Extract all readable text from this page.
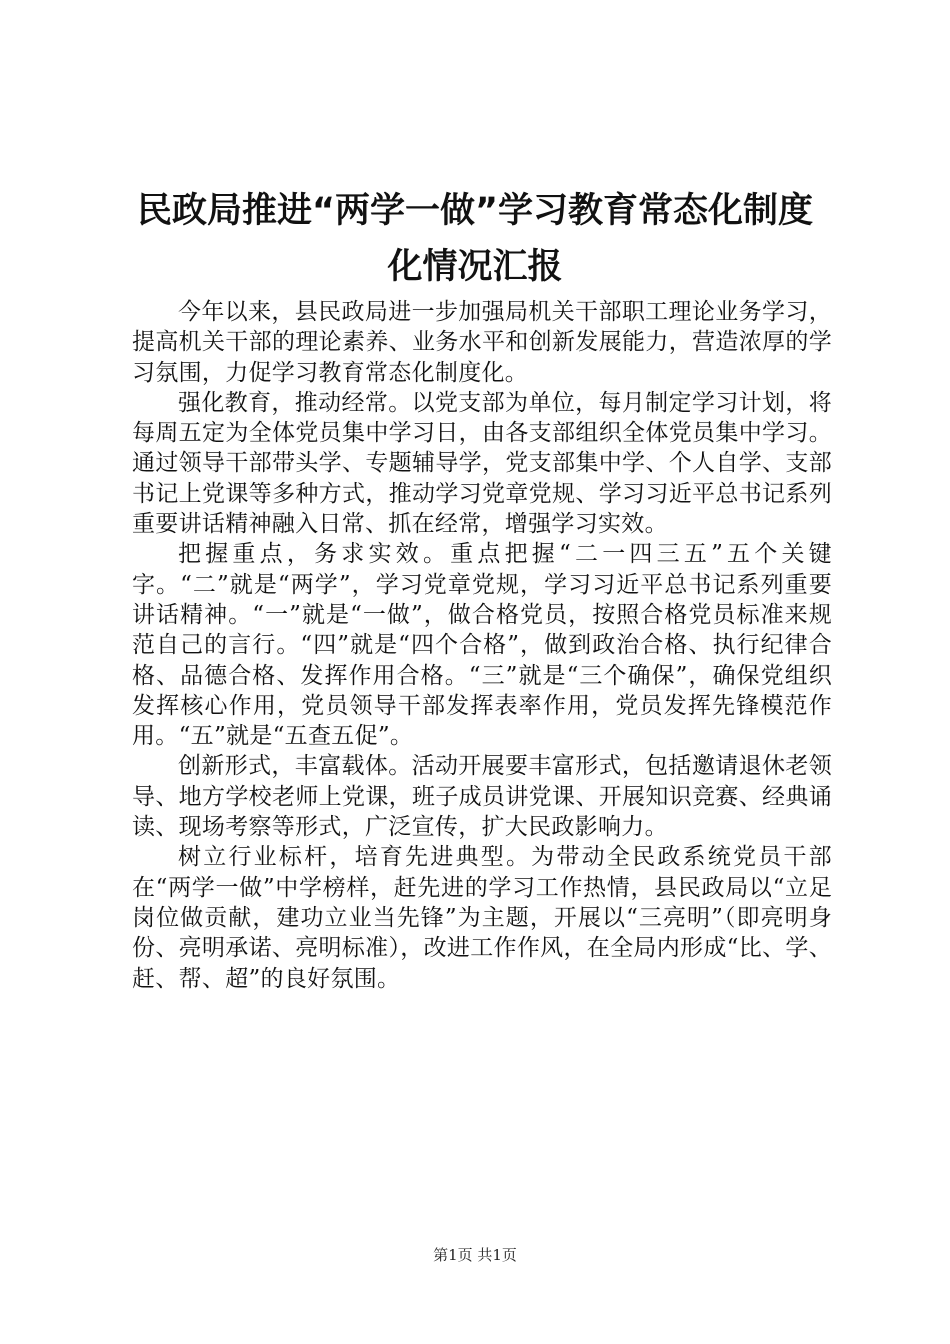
民政局推进“两学一做”学习教育常态化制度化情况汇报

今年以来，县民政局进一步加强局机关干部职工理论业务学习，提高机关干部的理论素养、业务水平和创新发展能力，营造浓厚的学习氛围，力促学习教育常态化制度化。

强化教育，推动经常。以党支部为单位，每月制定学习计划，将每周五定为全体党员集中学习日，由各支部组织全体党员集中学习。通过领导干部带头学、专题辅导学，党支部集中学、个人自学、支部书记上党课等多种方式，推动学习党章党规、学习习近平总书记系列重要讲话精神融入日常、抓在经常，增强学习实效。

把握重点，务求实效。重点把握“二一四三五”五个关键字。“二”就是“两学”，学习党章党规，学习习近平总书记系列重要讲话精神。“一”就是“一做”，做合格党员，按照合格党员标准来规范自己的言行。“四”就是“四个合格”，做到政治合格、执行纪律合格、品德合格、发挥作用合格。“三”就是“三个确保”，确保党组织发挥核心作用，党员领导干部发挥表率作用，党员发挥先锋模范作用。“五”就是“五查五促”。

创新形式，丰富载体。活动开展要丰富形式，包括邀请退休老领导、地方学校老师上党课，班子成员讲党课、开展知识竞赛、经典诵读、现场考察等形式，广泛宣传，扩大民政影响力。

树立行业标杆，培育先进典型。为带动全民政系统党员干部在“两学一做”中学榜样，赶先进的学习工作热情，县民政局以“立足岗位做贡献，建功立业当先锋”为主题，开展以“三亮明”（即亮明身份、亮明承诺、亮明标准），改进工作作风，在全局内形成“比、学、赶、帮、超”的良好氛围。

第1页 共1页
